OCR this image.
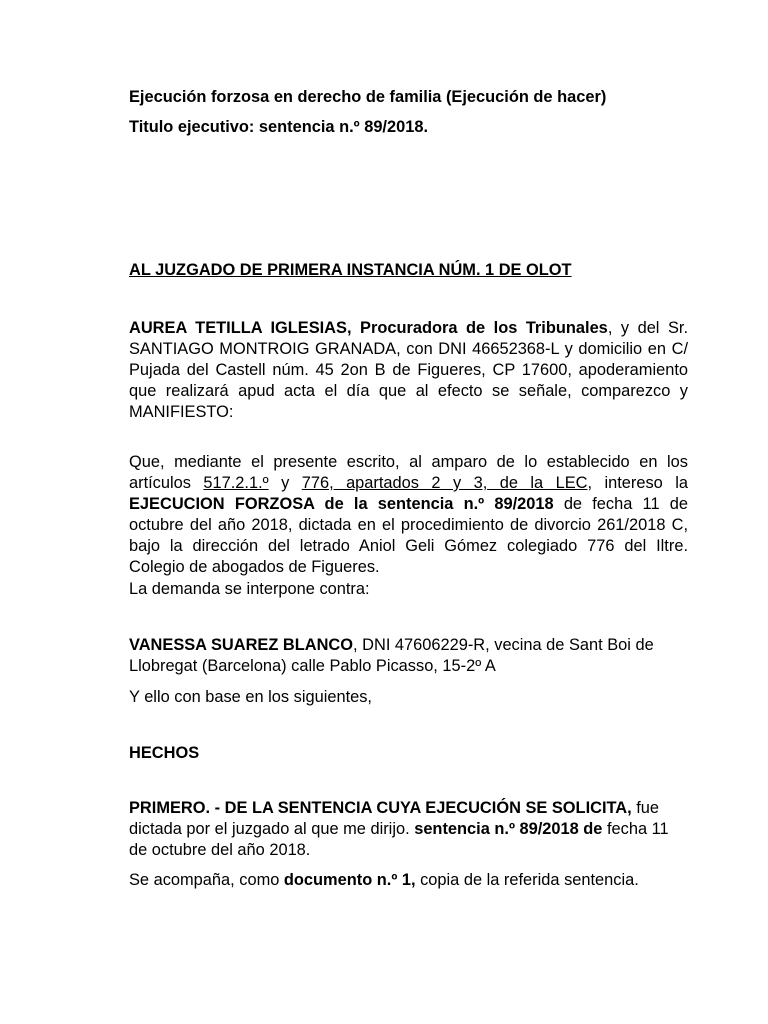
Ejecución forzosa en derecho de familia (Ejecución de hacer)
Titulo ejecutivo: sentencia n.º 89/2018.
AL JUZGADO DE PRIMERA INSTANCIA NÚM. 1 DE OLOT
AUREA TETILLA IGLESIAS, Procuradora de los Tribunales, y del Sr. SANTIAGO MONTROIG GRANADA, con DNI 46652368-L y domicilio en C/ Pujada del Castell núm. 45 2on B de Figueres, CP 17600, apoderamiento que realizará apud acta el día que al efecto se señale, comparezco y MANIFIESTO:
Que, mediante el presente escrito, al amparo de lo establecido en los artículos 517.2.1.º y 776, apartados 2 y 3, de la LEC, intereso la EJECUCION FORZOSA de la sentencia n.º 89/2018 de fecha 11 de octubre del año 2018, dictada en el procedimiento de divorcio 261/2018 C, bajo la dirección del letrado Aniol Geli Gómez colegiado 776 del Iltre. Colegio de abogados de Figueres.
La demanda se interpone contra:
VANESSA SUAREZ BLANCO, DNI 47606229-R, vecina de Sant Boi de Llobregat (Barcelona) calle Pablo Picasso, 15-2º A
Y ello con base en los siguientes,
HECHOS
PRIMERO. - DE LA SENTENCIA CUYA EJECUCIÓN SE SOLICITA, fue dictada por el juzgado al que me dirijo. sentencia n.º 89/2018 de fecha 11 de octubre del año 2018.
Se acompaña, como documento n.º 1, copia de la referida sentencia.
